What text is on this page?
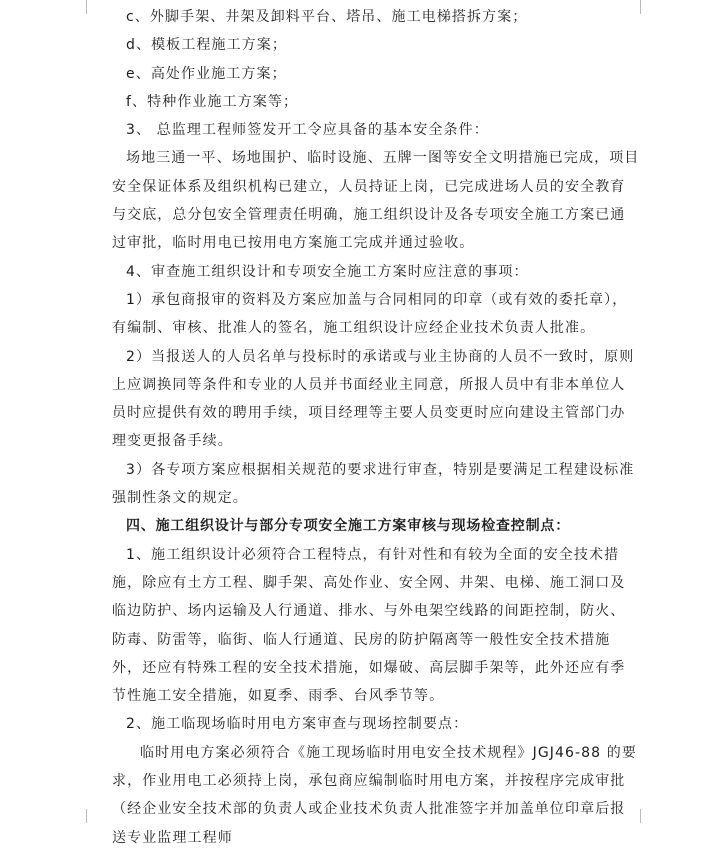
c、外脚手架、井架及卸料平台、塔吊、施工电梯搭拆方案；

d、模板工程施工方案；

e、高处作业施工方案；

f、特种作业施工方案等；

3、 总监理工程师签发开工令应具备的基本安全条件：

场地三通一平、场地围护、临时设施、五牌一图等安全文明措施已完成，项目安全保证体系及组织机构已建立，人员持证上岗，已完成进场人员的安全教育与交底，总分包安全管理责任明确，施工组织设计及各专项安全施工方案已通过审批，临时用电已按用电方案施工完成并通过验收。

4、审查施工组织设计和专项安全施工方案时应注意的事项：

1）承包商报审的资料及方案应加盖与合同相同的印章（或有效的委托章），有编制、审核、批准人的签名，施工组织设计应经企业技术负责人批准。

2）当报送人的人员名单与投标时的承诺或与业主协商的人员不一致时，原则上应调换同等条件和专业的人员并书面经业主同意，所报人员中有非本单位人员时应提供有效的聘用手续，项目经理等主要人员变更时应向建设主管部门办理变更报备手续。

3）各专项方案应根据相关规范的要求进行审查，特别是要满足工程建设标准强制性条文的规定。

四、施工组织设计与部分专项安全施工方案审核与现场检查控制点：

1、施工组织设计必须符合工程特点，有针对性和有较为全面的安全技术措施，除应有土方工程、脚手架、高处作业、安全网、井架、电梯、施工洞口及临边防护、场内运输及人行通道、排水、与外电架空线路的间距控制，防火、防毒、防雷等，临街、临人行通道、民房的防护隔离等一般性安全技术措施外，还应有特殊工程的安全技术措施，如爆破、高层脚手架等，此外还应有季节性施工安全措施，如夏季、雨季、台风季节等。

2、施工临现场临时用电方案审查与现场控制要点：

临时用电方案必须符合《施工现场临时用电安全技术规程》JGJ46-88 的要求，作业用电工必须持上岗，承包商应编制临时用电方案，并按程序完成审批（经企业安全技术部的负责人或企业技术负责人批准签字并加盖单位印章后报送专业监理工程师
